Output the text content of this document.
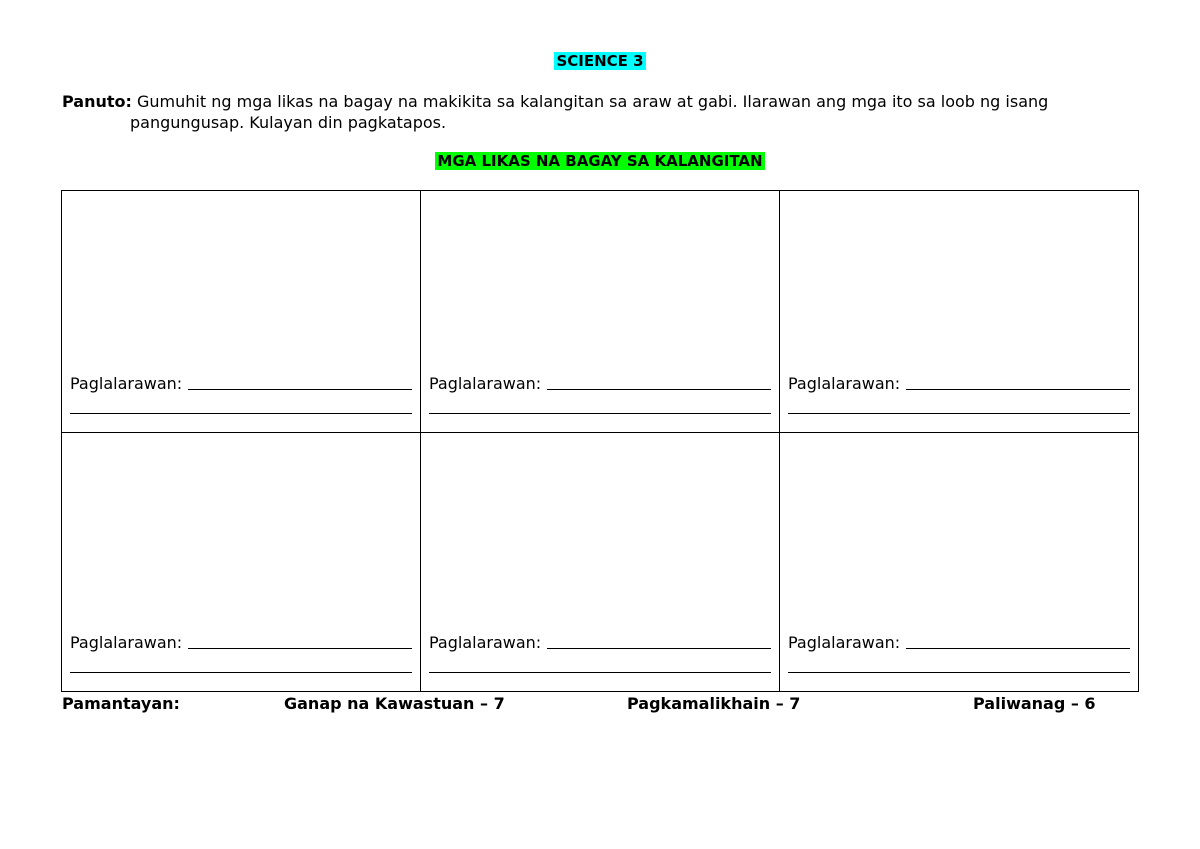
SCIENCE 3
Panuto: Gumuhit ng mga likas na bagay na makikita sa kalangitan sa araw at gabi. Ilarawan ang mga ito sa loob ng isang
pangungusap. Kulayan din pagkatapos.
MGA LIKAS NA BAGAY SA KALANGITAN
Paglalarawan:	Paglalarawan:	Paglalarawan:
Paglalarawan:	Paglalarawan:	Paglalarawan:
Pamantayan:	Ganap na Kawastuan – 7	Pagkamalikhain – 7	Paliwanag – 6
